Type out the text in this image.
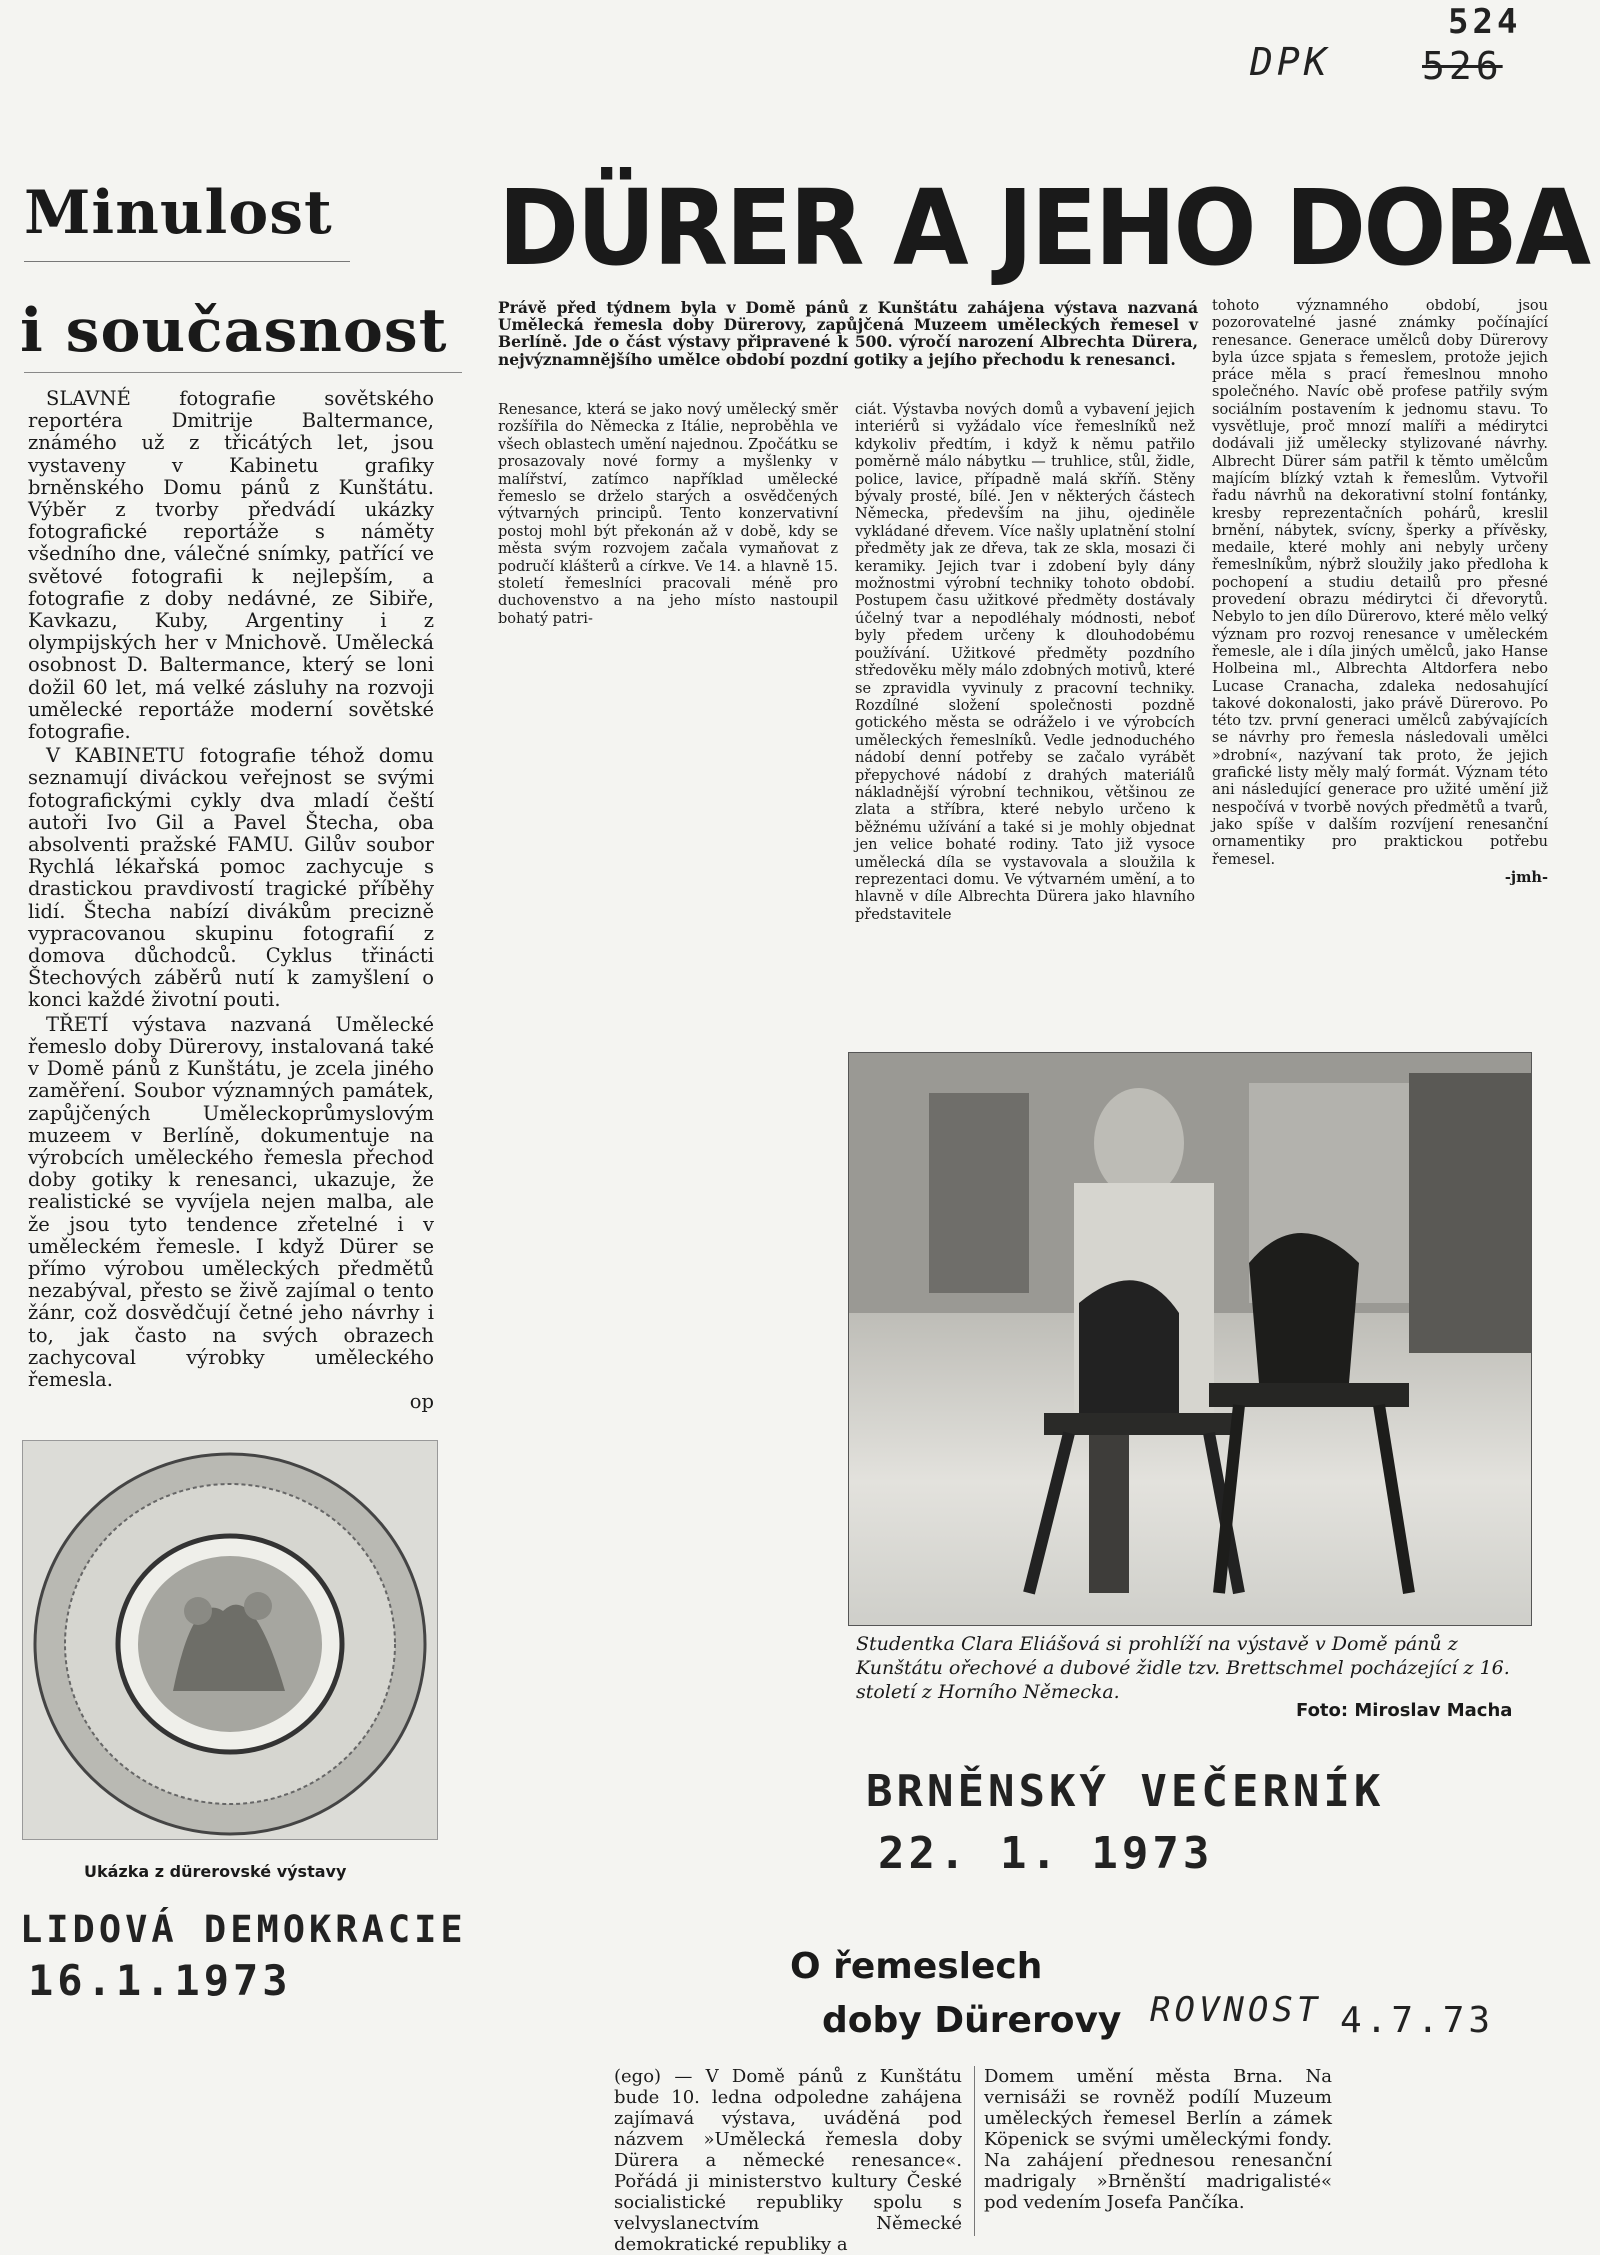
524
DPK 526
Minulost
i současnost

SLAVNÉ fotografie sovětského reportéra Dmitrije Baltermance, známého už z třicátých let, jsou vystaveny v Kabinetu grafiky brněnského Domu pánů z Kunštátu. Výběr z tvorby předvádí ukázky fotografické reportáže s náměty všedního dne, válečné snímky, patřící ve světové fotografii k nejlepším, a fotografie z doby nedávné, ze Sibiře, Kavkazu, Kuby, Argentiny i z olympijských her v Mnichově. Umělecká osobnost D. Baltermance, který se loni dožil 60 let, má velké zásluhy na rozvoji umělecké reportáže moderní sovětské fotografie.

V KABINETU fotografie téhož domu seznamují diváckou veřejnost se svými fotografickými cykly dva mladí čeští autoři Ivo Gil a Pavel Štecha, oba absolventi pražské FAMU. Gilův soubor Rychlá lékařská pomoc zachycuje s drastickou pravdivostí tragické příběhy lidí. Štecha nabízí divákům precizně vypracovanou skupinu fotografií z domova důchodců. Cyklus třinácti Štechových záběrů nutí k zamyšlení o konci každé životní pouti.

TŘETÍ výstava nazvaná Umělecké řemeslo doby Dürerovy, instalovaná také v Domě pánů z Kunštátu, je zcela jiného zaměření. Soubor významných památek, zapůjčených Uměleckoprůmyslovým muzeem v Berlíně, dokumentuje na výrobcích uměleckého řemesla přechod doby gotiky k renesanci, ukazuje, že realistické se vyvíjela nejen malba, ale že jsou tyto tendence zřetelné i v uměleckém řemesle. I když Dürer se přímo výrobou uměleckých předmětů nezabýval, přesto se živě zajímal o tento žánr, což dosvědčují četné jeho návrhy i to, jak často na svých obrazech zachycoval výrobky uměleckého řemesla.

op
Ukázka z dürerovské výstavy
LIDOVÁ DEMOKRACIE
16.1.1973
DÜRER A JEHO DOBA
Právě před týdnem byla v Domě pánů z Kunštátu zahájena výstava nazvaná Umělecká řemesla doby Dürerovy, zapůjčená Muzeem uměleckých řemesel v Berlíně. Jde o část výstavy připravené k 500. výročí narození Albrechta Dürera, nejvýznamnějšího umělce období pozdní gotiky a jejího přechodu k renesanci.
Renesance, která se jako nový umělecký směr rozšířila do Německa z Itálie, neproběhla ve všech oblastech umění najednou. Zpočátku se prosazovaly nové formy a myšlenky v malířství, zatímco například umělecké řemeslo se drželo starých a osvědčených výtvarných principů. Tento konzervativní postoj mohl být překonán až v době, kdy se města svým rozvojem začala vymaňovat z područí klášterů a církve. Ve 14. a hlavně 15. století řemeslníci pracovali méně pro duchovenstvo a na jeho místo nastoupil bohatý patri-
ciát. Výstavba nových domů a vybavení jejich interiérů si vyžádalo více řemeslníků než kdykoliv předtím, i když k němu patřilo poměrně málo nábytku — truhlice, stůl, židle, police, lavice, případně malá skříň. Stěny bývaly prosté, bílé. Jen v některých částech Německa, především na jihu, ojediněle vykládané dřevem. Více našly uplatnění stolní předměty jak ze dřeva, tak ze skla, mosazi či keramiky. Jejich tvar i zdobení byly dány možnostmi výrobní techniky tohoto období. Postupem času užitkové předměty dostávaly účelný tvar a nepodléhaly módnosti, neboť byly předem určeny k dlouhodobému používání. Užitkové předměty pozdního středověku měly málo zdobných motivů, které se zpravidla vyvinuly z pracovní techniky. Rozdílné složení společnosti pozdně gotického města se odráželo i ve výrobcích uměleckých řemeslníků. Vedle jednoduchého nádobí denní potřeby se začalo vyrábět přepychové nádobí z drahých materiálů nákladnější výrobní technikou, většinou ze zlata a stříbra, které nebylo určeno k běžnému užívání a také si je mohly objednat jen velice bohaté rodiny. Tato již vysoce umělecká díla se vystavovala a sloužila k reprezentaci domu. Ve výtvarném umění, a to hlavně v díle Albrechta Dürera jako hlavního představitele
tohoto významného období, jsou pozorovatelné jasné známky počínající renesance. Generace umělců doby Dürerovy byla úzce spjata s řemeslem, protože jejich práce měla s prací řemeslnou mnoho společného. Navíc obě profese patřily svým sociálním postavením k jednomu stavu. To vysvětluje, proč mnozí malíři a médirytci dodávali již umělecky stylizované návrhy. Albrecht Dürer sám patřil k těmto umělcům majícím blízký vztah k řemeslům. Vytvořil řadu návrhů na dekorativní stolní fontánky, kresby reprezentačních pohárů, kreslil brnění, nábytek, svícny, šperky a přívěsky, medaile, které mohly ani nebyly určeny řemeslníkům, nýbrž sloužily jako předloha k pochopení a studiu detailů pro přesné provedení obrazu médirytci či dřevorytů. Nebylo to jen dílo Dürerovo, které mělo velký význam pro rozvoj renesance v uměleckém řemesle, ale i díla jiných umělců, jako Hanse Holbeina ml., Albrechta Altdorfera nebo Lucase Cranacha, zdaleka nedosahující takové dokonalosti, jako právě Dürerovo. Po této tzv. první generaci umělců zabývajících se návrhy pro řemesla následovali umělci »drobní«, nazývaní tak proto, že jejich grafické listy měly malý formát. Význam této ani následující generace pro užité umění již nespočívá v tvorbě nových předmětů a tvarů, jako spíše v dalším rozvíjení renesanční ornamentiky pro praktickou potřebu řemesel.
-jmh-
Studentka Clara Eliášová si prohlíží na výstavě v Domě pánů z Kunštátu ořechové a dubové židle tzv. Brettschmel pocházející z 16. století z Horního Německa.
Foto: Miroslav Macha
BRNĚNSKÝ VEČERNÍK
22. 1. 1973
O řemeslech
doby Dürerovy ROVNOST 4.7.73
(ego) — V Domě pánů z Kunštátu bude 10. ledna odpoledne zahájena zajímavá výstava, uváděná pod názvem »Umělecká řemesla doby Dürera a německé renesance«. Pořádá ji ministerstvo kultury České socialistické republiky spolu s velvyslanectvím Německé demokratické republiky a
Domem umění města Brna. Na vernisáži se rovněž podílí Muzeum uměleckých řemesel Berlín a zámek Köpenick se svými uměleckými fondy. Na zahájení přednesou renesanční madrigaly »Brněnští madrigalisté« pod vedením Josefa Pančíka.
